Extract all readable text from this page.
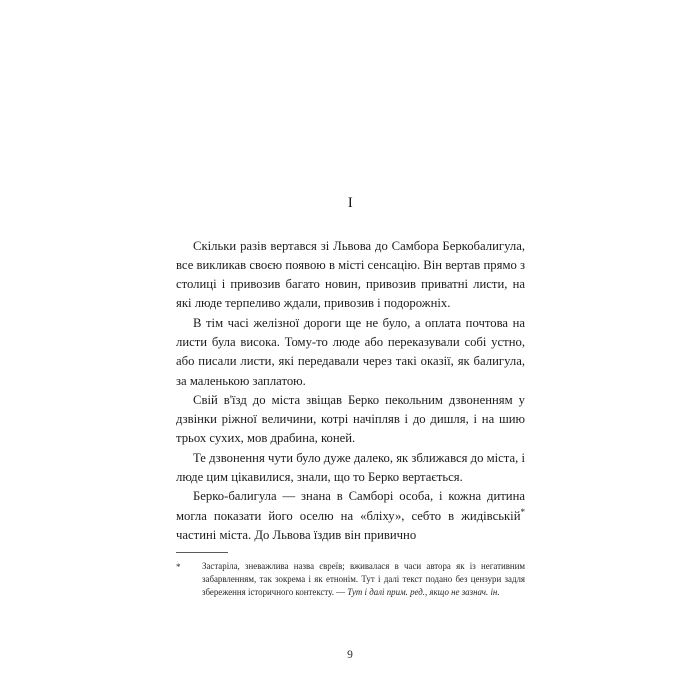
I

Скільки разів вертався зі Львова до Самбора Беркобалигула, все викликав своєю появою в місті сенсацію. Він вертав прямо з столиці і привозив багато новин, привозив приватні листи, на які люде терпеливо ждали, привозив і подорожніх.

В тім часі желізної дороги ще не було, а оплата почтова на листи була висока. Тому-то люде або переказували собі устно, або писали листи, які передавали через такі оказії, як балигула, за маленькою заплатою.

Свій в'їзд до міста звіщав Берко пекольним дзвоненням у дзвінки ріжної величини, котрі начіпляв і до дишля, і на шию трьох сухих, мов драбина, коней.

Те дзвонення чути було дуже далеко, як зближався до міста, і люде цим цікавилися, знали, що то Берко вертається.

Берко-балигула — знана в Самборі особа, і кожна дитина могла показати його оселю на «бліху», себто в жидівській* частині міста. До Львова їздив він привично

*	Застаріла, зневажлива назва євреїв; вживалася в часи автора як із негативним забарвленням, так зокрема і як етнонім. Тут і далі текст подано без цензури задля збереження історичного контексту. — Тут і далі прим. ред., якщо не зазнач. ін.
9
